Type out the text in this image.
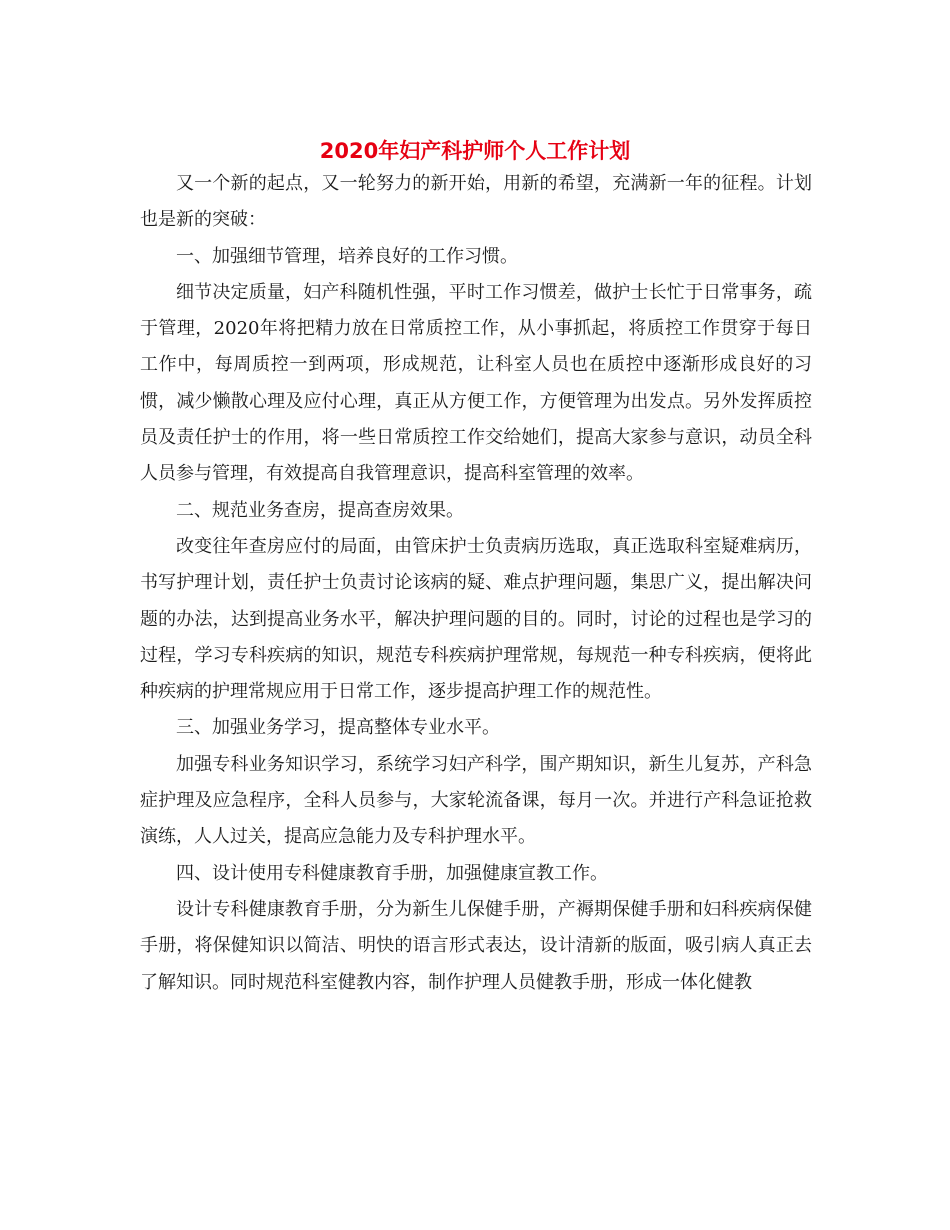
2020年妇产科护师个人工作计划

又一个新的起点，又一轮努力的新开始，用新的希望，充满新一年的征程。计划也是新的突破：

一、加强细节管理，培养良好的工作习惯。

细节决定质量，妇产科随机性强，平时工作习惯差，做护士长忙于日常事务，疏于管理，2020年将把精力放在日常质控工作，从小事抓起，将质控工作贯穿于每日工作中，每周质控一到两项，形成规范，让科室人员也在质控中逐渐形成良好的习惯，减少懒散心理及应付心理，真正从方便工作，方便管理为出发点。另外发挥质控员及责任护士的作用，将一些日常质控工作交给她们，提高大家参与意识，动员全科人员参与管理，有效提高自我管理意识，提高科室管理的效率。

二、规范业务查房，提高查房效果。

改变往年查房应付的局面，由管床护士负责病历选取，真正选取科室疑难病历，书写护理计划，责任护士负责讨论该病的疑、难点护理问题，集思广义，提出解决问题的办法，达到提高业务水平，解决护理问题的目的。同时，讨论的过程也是学习的过程，学习专科疾病的知识，规范专科疾病护理常规，每规范一种专科疾病，便将此种疾病的护理常规应用于日常工作，逐步提高护理工作的规范性。

三、加强业务学习，提高整体专业水平。

加强专科业务知识学习，系统学习妇产科学，围产期知识，新生儿复苏，产科急症护理及应急程序，全科人员参与，大家轮流备课，每月一次。并进行产科急证抢救演练，人人过关，提高应急能力及专科护理水平。

四、设计使用专科健康教育手册，加强健康宣教工作。

设计专科健康教育手册，分为新生儿保健手册，产褥期保健手册和妇科疾病保健手册，将保健知识以简洁、明快的语言形式表达，设计清新的版面，吸引病人真正去了解知识。同时规范科室健教内容，制作护理人员健教手册，形成一体化健教
